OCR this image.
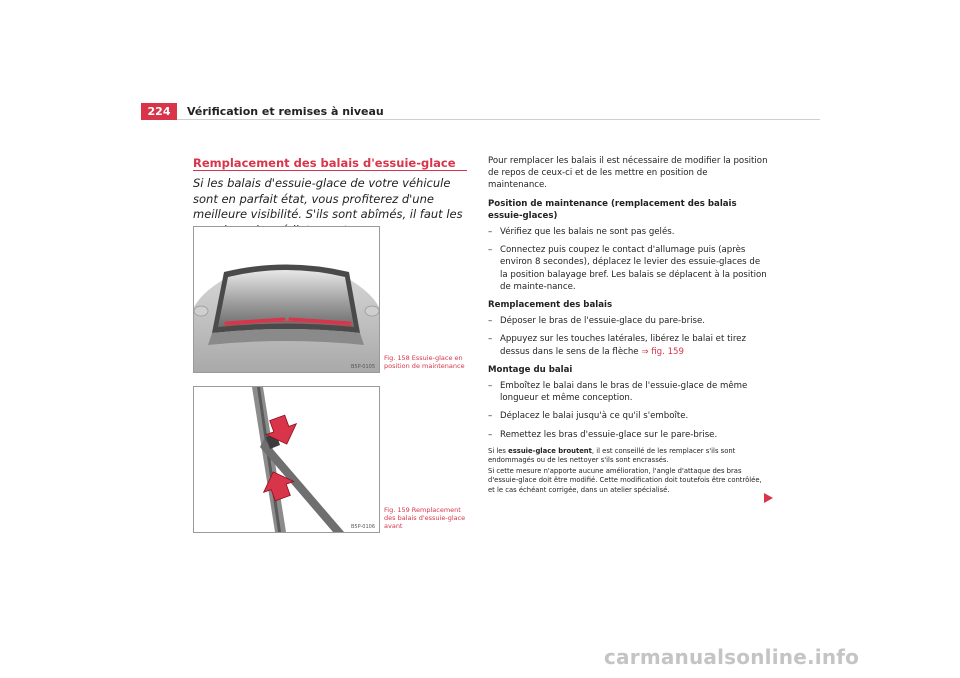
224	Vérification et remises à niveau
Remplacement des balais d'essuie-glace
Si les balais d'essuie-glace de votre véhicule sont en parfait état, vous profiterez d'une meilleure visibilité. S'ils sont abîmés, il faut les
B5P-0105
Fig. 158 Essuie-glace en position de maintenance
B5P-0106
Fig. 159 Remplacement des balais d'essuie-glace avant

Pour remplacer les balais il est nécessaire de modifier la position de repos de ceux-ci et de les mettre en position de maintenance.

Position de maintenance (remplacement des balais essuie-glaces)
– Vérifiez que les balais ne sont pas gelés.
– Connectez puis coupez le contact d'allumage puis (après environ 8 secondes), déplacez le levier des essuie-glaces de la position balayage bref. Les balais se déplacent à la position de mainte-nance.
Remplacement des balais
– Déposer le bras de l'essuie-glace du pare-brise.
– Appuyez sur les touches latérales, libérez le balai et tirez dessus dans le sens de la flèche ⇒ fig. 159
Montage du balai
– Emboîtez le balai dans le bras de l'essuie-glace de même longueur et même conception.
– Déplacez le balai jusqu'à ce qu'il s'emboîte.
– Remettez les bras d'essuie-glace sur le pare-brise.

Si les essuie-glace broutent, il est conseillé de les remplacer s'ils sont endommagés ou de les nettoyer s'ils sont encrassés.

Si cette mesure n'apporte aucune amélioration, l'angle d'attaque des bras d'essuie-glace doit être modifié. Cette modification doit toutefois être contrôlée, et le cas échéant corrigée, dans un atelier spécialisé.

carmanualsonline.info
